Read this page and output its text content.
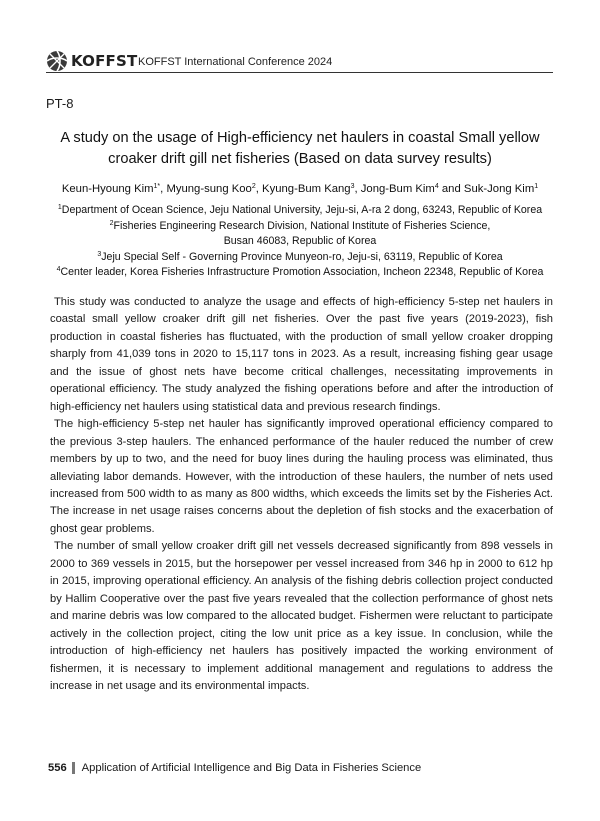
KOFFST KOFFST International Conference 2024
PT-8
A study on the usage of High-efficiency net haulers in coastal Small yellow
croaker drift gill net fisheries (Based on data survey results)
Keun-Hyoung Kim$^{1*}$, Myung-sung Koo$^2$, Kyung-Bum Kang$^3$, Jong-Bum Kim$^4$ and Suk-Jong Kim$^1$
$^1$Department of Ocean Science, Jeju National University, Jeju-si, A-ra 2 dong, 63243, Republic of Korea
$^2$Fisheries Engineering Research Division, National Institute of Fisheries Science,
Busan 46083, Republic of Korea
$^3$Jeju Special Self - Governing Province Munyeon-ro, Jeju-si, 63119, Republic of Korea
$^4$Center leader, Korea Fisheries Infrastructure Promotion Association, Incheon 22348, Republic of Korea

This study was conducted to analyze the usage and effects of high-efficiency 5-step net haulers in coastal small yellow croaker drift gill net fisheries. Over the past five years (2019-2023), fish production in coastal fisheries has fluctuated, with the production of small yellow croaker dropping sharply from 41,039 tons in 2020 to 15,117 tons in 2023. As a result, increasing fishing gear usage and the issue of ghost nets have become critical challenges, necessitating improvements in operational efficiency. The study analyzed the fishing operations before and after the introduction of high-efficiency net haulers using statistical data and previous research findings.

The high-efficiency 5-step net hauler has significantly improved operational efficiency compared to the previous 3-step haulers. The enhanced performance of the hauler reduced the number of crew members by up to two, and the need for buoy lines during the hauling process was eliminated, thus alleviating labor demands. However, with the introduction of these haulers, the number of nets used increased from 500 width to as many as 800 widths, which exceeds the limits set by the Fisheries Act. The increase in net usage raises concerns about the depletion of fish stocks and the exacerbation of ghost gear problems.

The number of small yellow croaker drift gill net vessels decreased significantly from 898 vessels in 2000 to 369 vessels in 2015, but the horsepower per vessel increased from 346 hp in 2000 to 612 hp in 2015, improving operational efficiency. An analysis of the fishing debris collection project conducted by Hallim Cooperative over the past five years revealed that the collection performance of ghost nets and marine debris was low compared to the allocated budget. Fishermen were reluctant to participate actively in the collection project, citing the low unit price as a key issue. In conclusion, while the introduction of high-efficiency net haulers has positively impacted the working environment of fishermen, it is necessary to implement additional management and regulations to address the increase in net usage and its environmental impacts.

556 Application of Artificial Intelligence and Big Data in Fisheries Science
